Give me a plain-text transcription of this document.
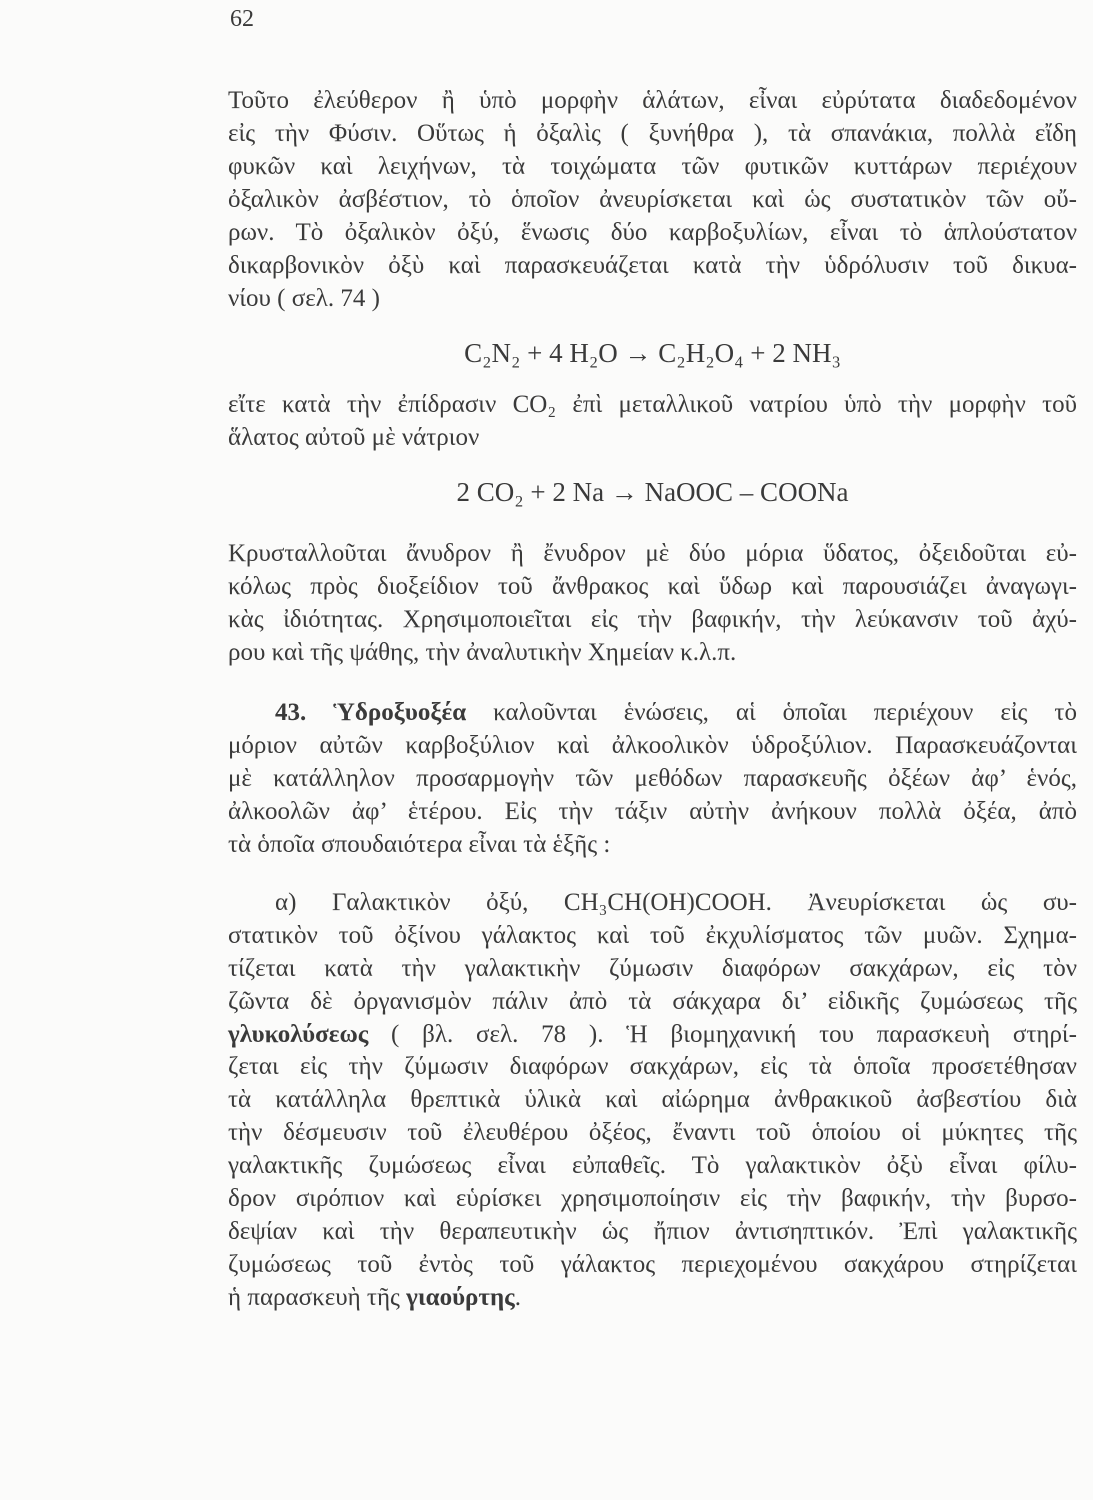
62
Τοῦτο ἐλεύθερον ἢ ὑπὸ μορφὴν ἁλάτων, εἶναι εὐρύτατα διαδεδομένον
εἰς τὴν Φύσιν. Οὕτως ἡ ὀξαλὶς ( ξυνήθρα ), τὰ σπανάκια, πολλὰ εἴδη
φυκῶν καὶ λειχήνων, τὰ τοιχώματα τῶν φυτικῶν κυττάρων περιέχουν
ὀξαλικὸν ἀσβέστιον, τὸ ὁποῖον ἀνευρίσκεται καὶ ὡς συστατικὸν τῶν οὔ-
ρων. Τὸ ὀξαλικὸν ὀξύ, ἕνωσις δύο καρβοξυλίων, εἶναι τὸ ἁπλούστατον
δικαρβονικὸν ὀξὺ καὶ παρασκευάζεται κατὰ τὴν ὑδρόλυσιν τοῦ δικυα-
νίου ( σελ. 74 )
C₂N₂ + 4 H₂O → C₂H₂O₄ + 2 NH₃
εἴτε κατὰ τὴν ἐπίδρασιν CO₂ ἐπὶ μεταλλικοῦ νατρίου ὑπὸ τὴν μορφὴν τοῦ
ἅλατος αὐτοῦ μὲ νάτριον
2 CO₂ + 2 Na → NaOOC – COONa
Κρυσταλλοῦται ἄνυδρον ἢ ἔνυδρον μὲ δύο μόρια ὕδατος, ὀξειδοῦται εὐ-
κόλως πρὸς διοξείδιον τοῦ ἄνθρακος καὶ ὕδωρ καὶ παρουσιάζει ἀναγωγι-
κὰς ἰδιότητας. Χρησιμοποιεῖται εἰς τὴν βαφικήν, τὴν λεύκανσιν τοῦ ἀχύ-
ρου καὶ τῆς ψάθης, τὴν ἀναλυτικὴν Χημείαν κ.λ.π.
43. Ὑδροξυοξέα καλοῦνται ἑνώσεις, αἱ ὁποῖαι περιέχουν εἰς τὸ
μόριον αὐτῶν καρβοξύλιον καὶ ἀλκοολικὸν ὑδροξύλιον. Παρασκευάζονται
μὲ κατάλληλον προσαρμογὴν τῶν μεθόδων παρασκευῆς ὀξέων ἀφ’ ἑνός,
ἀλκοολῶν ἀφ’ ἑτέρου. Εἰς τὴν τάξιν αὐτὴν ἀνήκουν πολλὰ ὀξέα, ἀπὸ
τὰ ὁποῖα σπουδαιότερα εἶναι τὰ ἑξῆς :
α) Γαλακτικὸν ὀξύ, CH₃CH(OH)COOH. Ἀνευρίσκεται ὡς συ-
στατικὸν τοῦ ὀξίνου γάλακτος καὶ τοῦ ἐκχυλίσματος τῶν μυῶν. Σχημα-
τίζεται κατὰ τὴν γαλακτικὴν ζύμωσιν διαφόρων σακχάρων, εἰς τὸν
ζῶντα δὲ ὀργανισμὸν πάλιν ἀπὸ τὰ σάκχαρα δι’ εἰδικῆς ζυμώσεως τῆς
γλυκολύσεως ( βλ. σελ. 78 ). Ἡ βιομηχανική του παρασκευὴ στηρί-
ζεται εἰς τὴν ζύμωσιν διαφόρων σακχάρων, εἰς τὰ ὁποῖα προσετέθησαν
τὰ κατάλληλα θρεπτικὰ ὑλικὰ καὶ αἰώρημα ἀνθρακικοῦ ἀσβεστίου διὰ
τὴν δέσμευσιν τοῦ ἐλευθέρου ὀξέος, ἔναντι τοῦ ὁποίου οἱ μύκητες τῆς
γαλακτικῆς ζυμώσεως εἶναι εὐπαθεῖς. Τὸ γαλακτικὸν ὀξὺ εἶναι φίλυ-
δρον σιρόπιον καὶ εὑρίσκει χρησιμοποίησιν εἰς τὴν βαφικήν, τὴν βυρσο-
δεψίαν καὶ τὴν θεραπευτικὴν ὡς ἤπιον ἀντισηπτικόν. Ἐπὶ γαλακτικῆς
ζυμώσεως τοῦ ἐντὸς τοῦ γάλακτος περιεχομένου σακχάρου στηρίζεται
ἡ παρασκευὴ τῆς γιαούρτης.
